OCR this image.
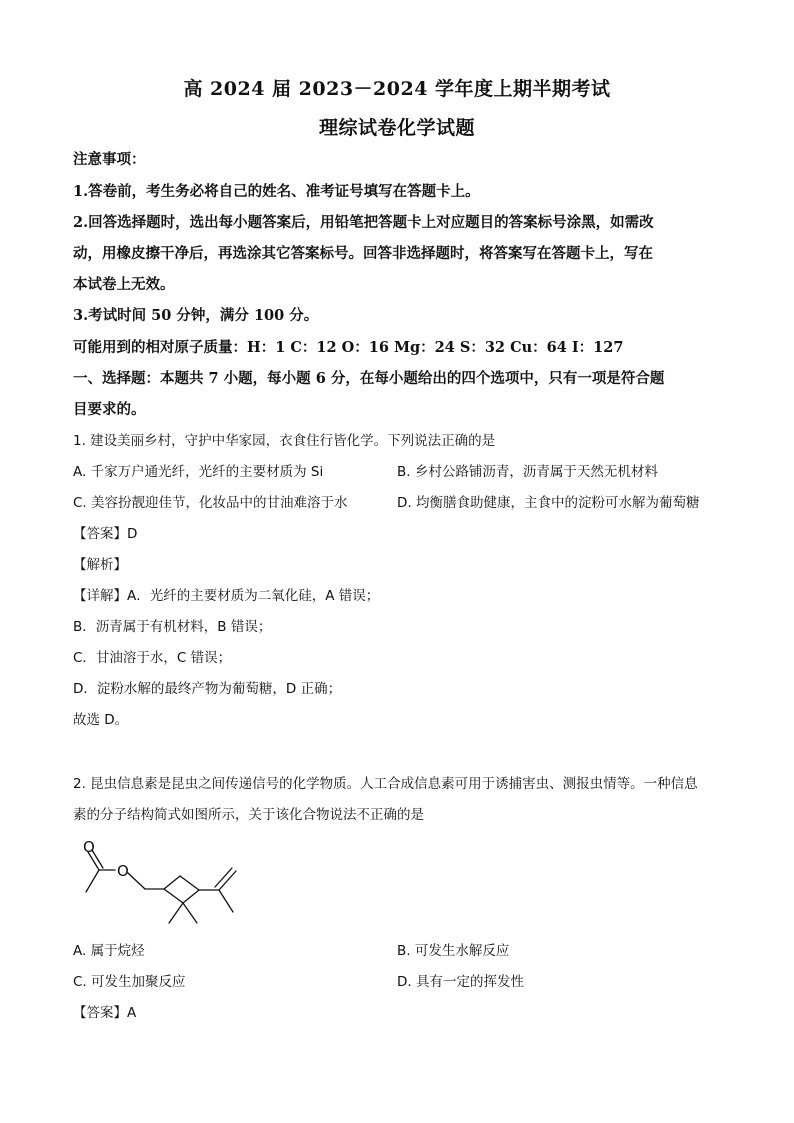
高 2024 届 2023－2024 学年度上期半期考试
理综试卷化学试题
注意事项：
1.答卷前，考生务必将自己的姓名、准考证号填写在答题卡上。
2.回答选择题时，选出每小题答案后，用铅笔把答题卡上对应题目的答案标号涂黑，如需改
动，用橡皮擦干净后，再选涂其它答案标号。回答非选择题时，将答案写在答题卡上，写在
本试卷上无效。
3.考试时间 50 分钟，满分 100 分。
可能用到的相对原子质量：H：1 C：12 O：16 Mg：24 S：32 Cu：64 I：127
一、选择题：本题共 7 小题，每小题 6 分，在每小题给出的四个选项中，只有一项是符合题
目要求的。
1. 建设美丽乡村，守护中华家园，衣食住行皆化学。下列说法正确的是
A. 千家万户通光纤，光纤的主要材质为 Si	B. 乡村公路铺沥青，沥青属于天然无机材料
C. 美容扮靓迎佳节，化妆品中的甘油难溶于水	D. 均衡膳食助健康，主食中的淀粉可水解为葡萄糖
【答案】D
【解析】
【详解】A．光纤的主要材质为二氧化硅，A 错误；
B．沥青属于有机材料，B 错误；
C．甘油溶于水，C 错误；
D．淀粉水解的最终产物为葡萄糖，D 正确；
故选 D。
2. 昆虫信息素是昆虫之间传递信号的化学物质。人工合成信息素可用于诱捕害虫、测报虫情等。一种信息
素的分子结构简式如图所示，关于该化合物说法不正确的是
O
O
A. 属于烷烃	B. 可发生水解反应
C. 可发生加聚反应	D. 具有一定的挥发性
【答案】A
